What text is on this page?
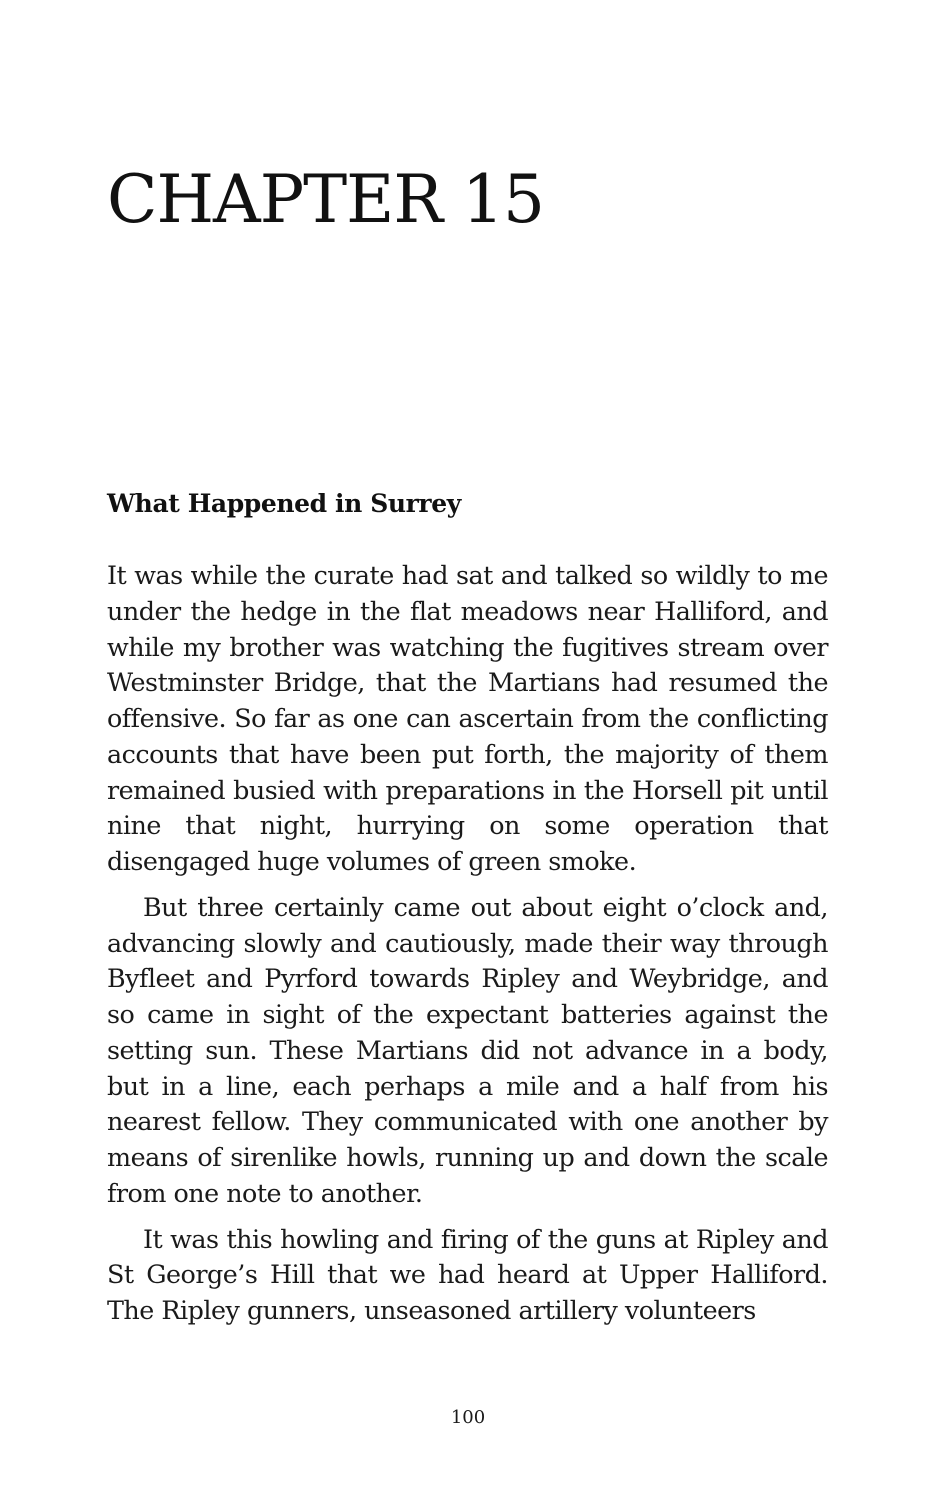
CHAPTER 15
What Happened in Surrey

It was while the curate had sat and talked so wildly to me under the hedge in the flat meadows near Halliford, and while my brother was watching the fugitives stream over Westminster Bridge, that the Martians had resumed the offensive. So far as one can ascertain from the conflicting accounts that have been put forth, the majority of them remained busied with preparations in the Horsell pit until nine that night, hurrying on some operation that disengaged huge volumes of green smoke.

But three certainly came out about eight o’clock and, advancing slowly and cautiously, made their way through Byfleet and Pyrford towards Ripley and Weybridge, and so came in sight of the expectant batteries against the setting sun. These Martians did not advance in a body, but in a line, each perhaps a mile and a half from his nearest fellow. They communicated with one another by means of sirenlike howls, running up and down the scale from one note to another.

It was this howling and firing of the guns at Ripley and St George’s Hill that we had heard at Upper Halliford. The Ripley gunners, unseasoned artillery volunteers

100
